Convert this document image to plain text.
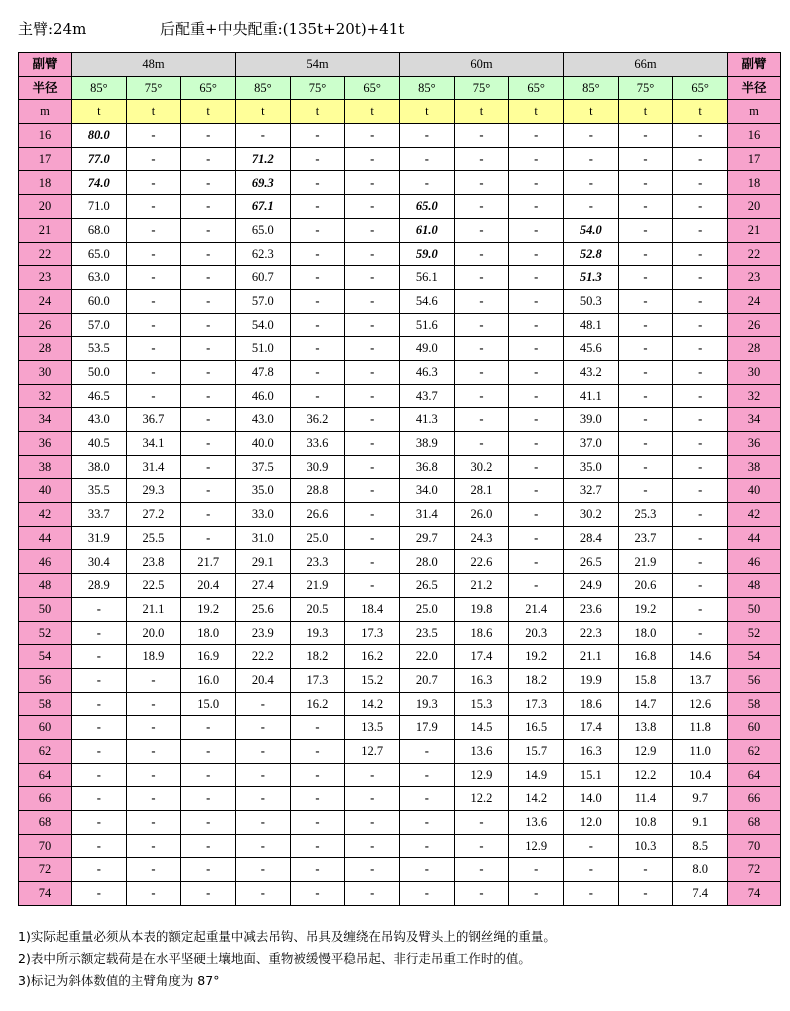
主臂:24m	后配重+中央配重:(135t+20t)+41t
副臂	48m			54m			60m			66m			副臂
半径	85°	75°	65°	85°	75°	65°	85°	75°	65°	85°	75°	65°	半径
m	t	t	t	t	t	t	t	t	t	t	t	t	m
16	80.0	-	-	-	-	-	-	-	-	-	-	-	16
17	77.0	-	-	71.2	-	-	-	-	-	-	-	-	17
18	74.0	-	-	69.3	-	-	-	-	-	-	-	-	18
20	71.0	-	-	67.1	-	-	65.0	-	-	-	-	-	20
21	68.0	-	-	65.0	-	-	61.0	-	-	54.0	-	-	21
22	65.0	-	-	62.3	-	-	59.0	-	-	52.8	-	-	22
23	63.0	-	-	60.7	-	-	56.1	-	-	51.3	-	-	23
24	60.0	-	-	57.0	-	-	54.6	-	-	50.3	-	-	24
26	57.0	-	-	54.0	-	-	51.6	-	-	48.1	-	-	26
28	53.5	-	-	51.0	-	-	49.0	-	-	45.6	-	-	28
30	50.0	-	-	47.8	-	-	46.3	-	-	43.2	-	-	30
32	46.5	-	-	46.0	-	-	43.7	-	-	41.1	-	-	32
34	43.0	36.7	-	43.0	36.2	-	41.3	-	-	39.0	-	-	34
36	40.5	34.1	-	40.0	33.6	-	38.9	-	-	37.0	-	-	36
38	38.0	31.4	-	37.5	30.9	-	36.8	30.2	-	35.0	-	-	38
40	35.5	29.3	-	35.0	28.8	-	34.0	28.1	-	32.7	-	-	40
42	33.7	27.2	-	33.0	26.6	-	31.4	26.0	-	30.2	25.3	-	42
44	31.9	25.5	-	31.0	25.0	-	29.7	24.3	-	28.4	23.7	-	44
46	30.4	23.8	21.7	29.1	23.3	-	28.0	22.6	-	26.5	21.9	-	46
48	28.9	22.5	20.4	27.4	21.9	-	26.5	21.2	-	24.9	20.6	-	48
50	-	21.1	19.2	25.6	20.5	18.4	25.0	19.8	21.4	23.6	19.2	-	50
52	-	20.0	18.0	23.9	19.3	17.3	23.5	18.6	20.3	22.3	18.0	-	52
54	-	18.9	16.9	22.2	18.2	16.2	22.0	17.4	19.2	21.1	16.8	14.6	54
56	-	-	16.0	20.4	17.3	15.2	20.7	16.3	18.2	19.9	15.8	13.7	56
58	-	-	15.0	-	16.2	14.2	19.3	15.3	17.3	18.6	14.7	12.6	58
60	-	-	-	-	-	13.5	17.9	14.5	16.5	17.4	13.8	11.8	60
62	-	-	-	-	-	12.7	-	13.6	15.7	16.3	12.9	11.0	62
64	-	-	-	-	-	-	-	12.9	14.9	15.1	12.2	10.4	64
66	-	-	-	-	-	-	-	12.2	14.2	14.0	11.4	9.7	66
68	-	-	-	-	-	-	-	-	13.6	12.0	10.8	9.1	68
70	-	-	-	-	-	-	-	-	12.9	-	10.3	8.5	70
72	-	-	-	-	-	-	-	-	-	-	-	8.0	72
74	-	-	-	-	-	-	-	-	-	-	-	7.4	74
1)实际起重量必须从本表的额定起重量中减去吊钩、吊具及缠绕在吊钩及臂头上的钢丝绳的重量。
2)表中所示额定载荷是在水平坚硬土壤地面、重物被缓慢平稳吊起、非行走吊重工作时的值。
3)标记为斜体数值的主臂角度为 87°
